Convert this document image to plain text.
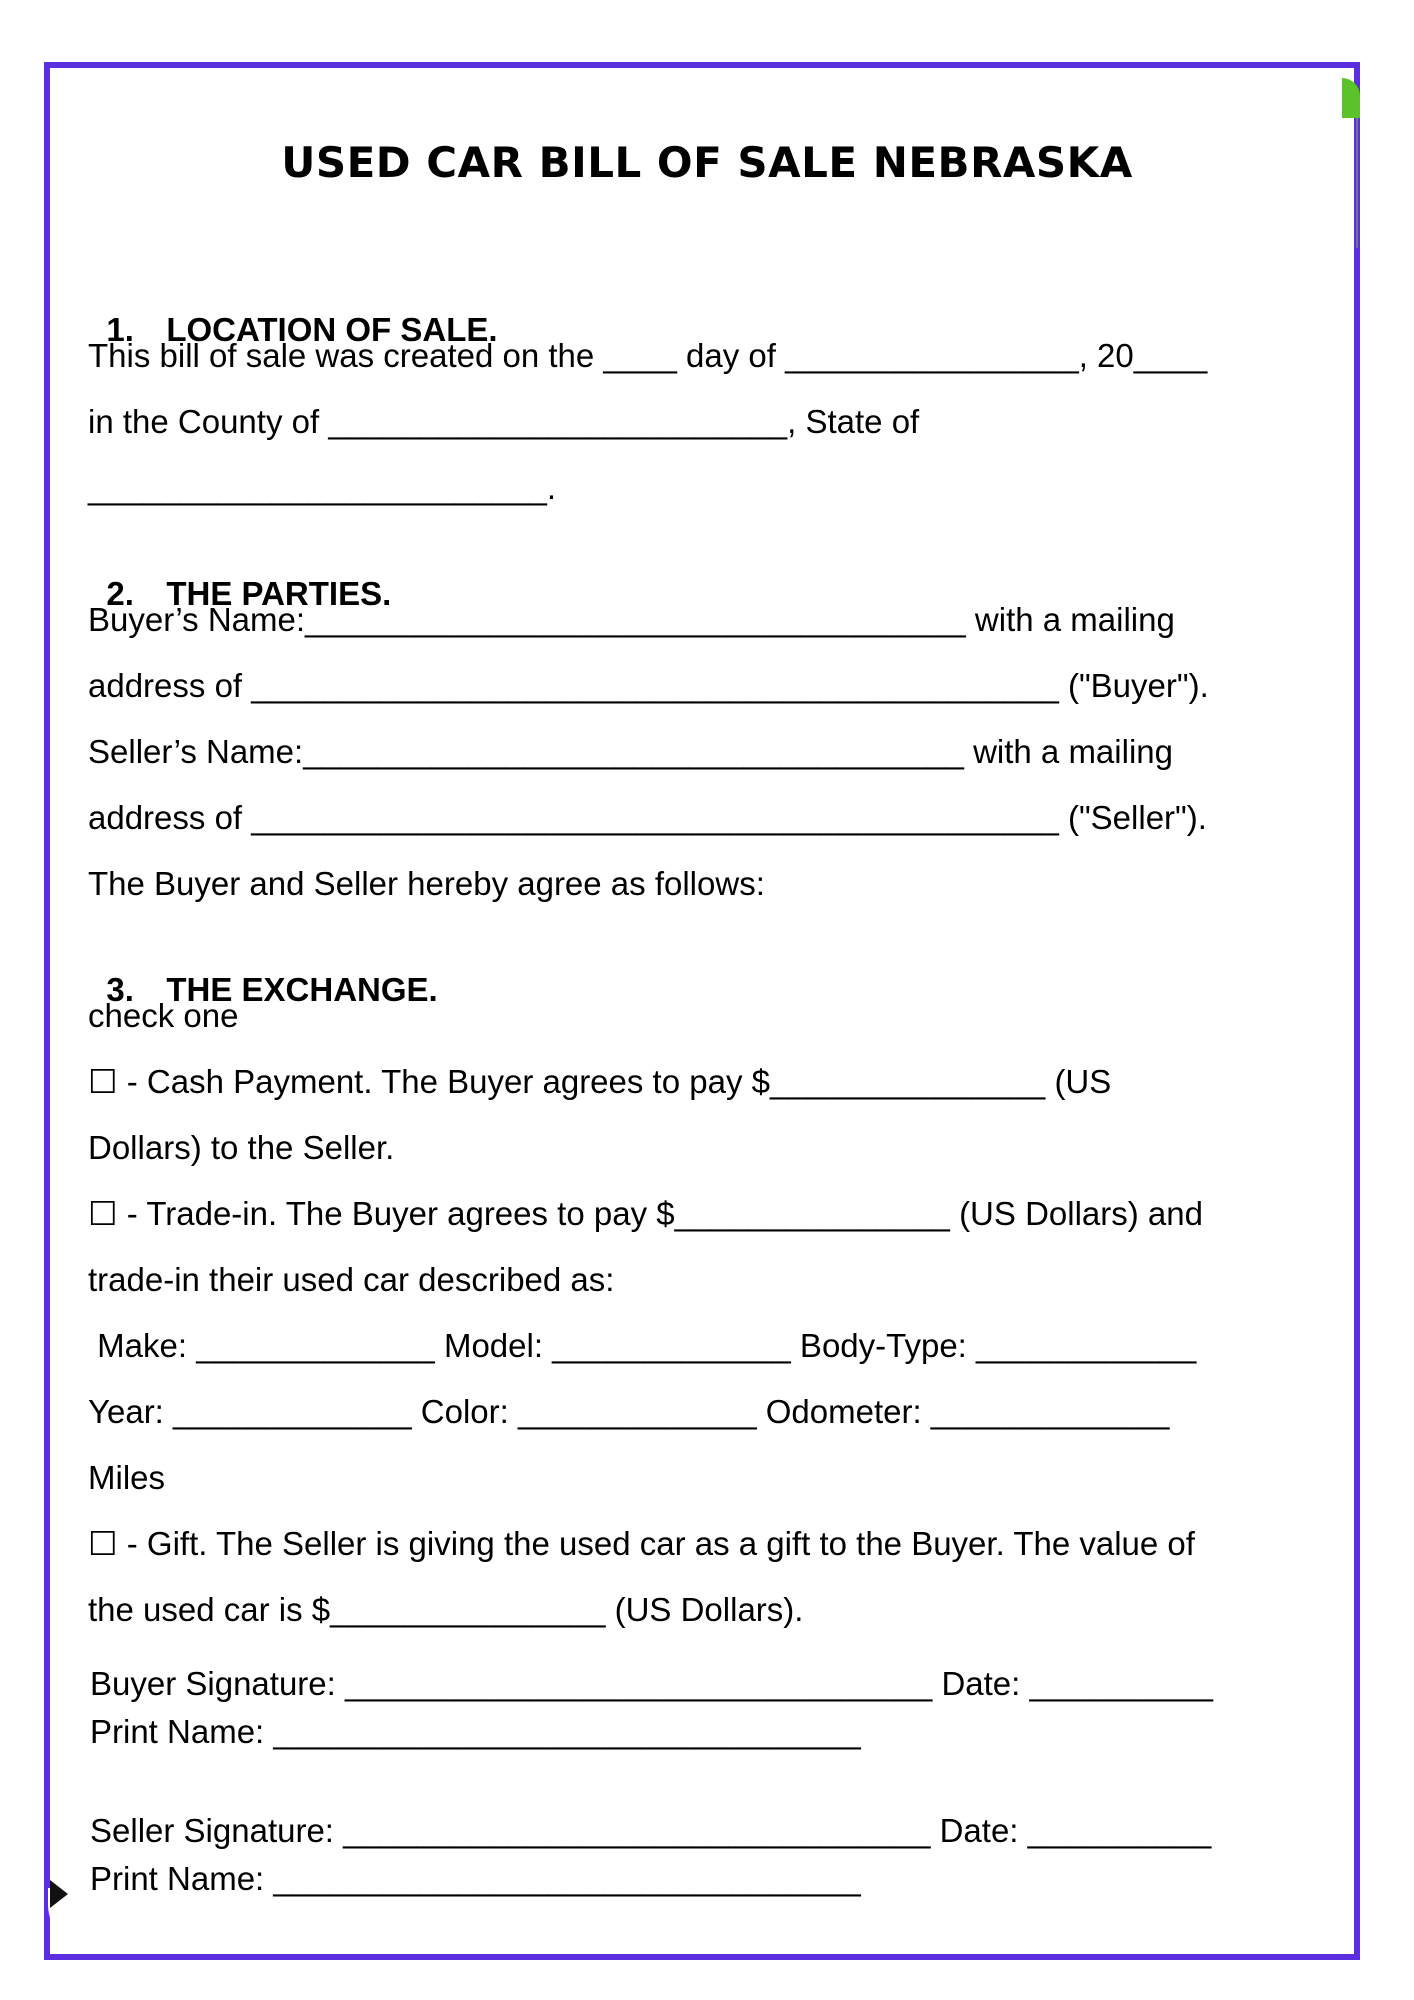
USED CAR BILL OF SALE NEBRASKA

1. LOCATION OF SALE.

This bill of sale was created on the ____ day of ________________, 20____
in the County of _________________________, State of
_________________________.

2. THE PARTIES.

Buyer’s Name:____________________________________ with a mailing
address of ____________________________________________ ("Buyer").
Seller’s Name:____________________________________ with a mailing
address of ____________________________________________ ("Seller").
The Buyer and Seller hereby agree as follows:

3. THE EXCHANGE.

check one
☐ - Cash Payment. The Buyer agrees to pay $_______________ (US
Dollars) to the Seller.
☐ - Trade-in. The Buyer agrees to pay $_______________ (US Dollars) and
trade-in their used car described as:
Make: _____________ Model: _____________ Body-Type: ____________
Year: _____________ Color: _____________ Odometer: _____________
Miles
☐ - Gift. The Seller is giving the used car as a gift to the Buyer. The value of
the used car is $_______________ (US Dollars).
Buyer Signature: ________________________________ Date: __________
Print Name: ________________________________
Seller Signature: ________________________________ Date: __________
Print Name: ________________________________
